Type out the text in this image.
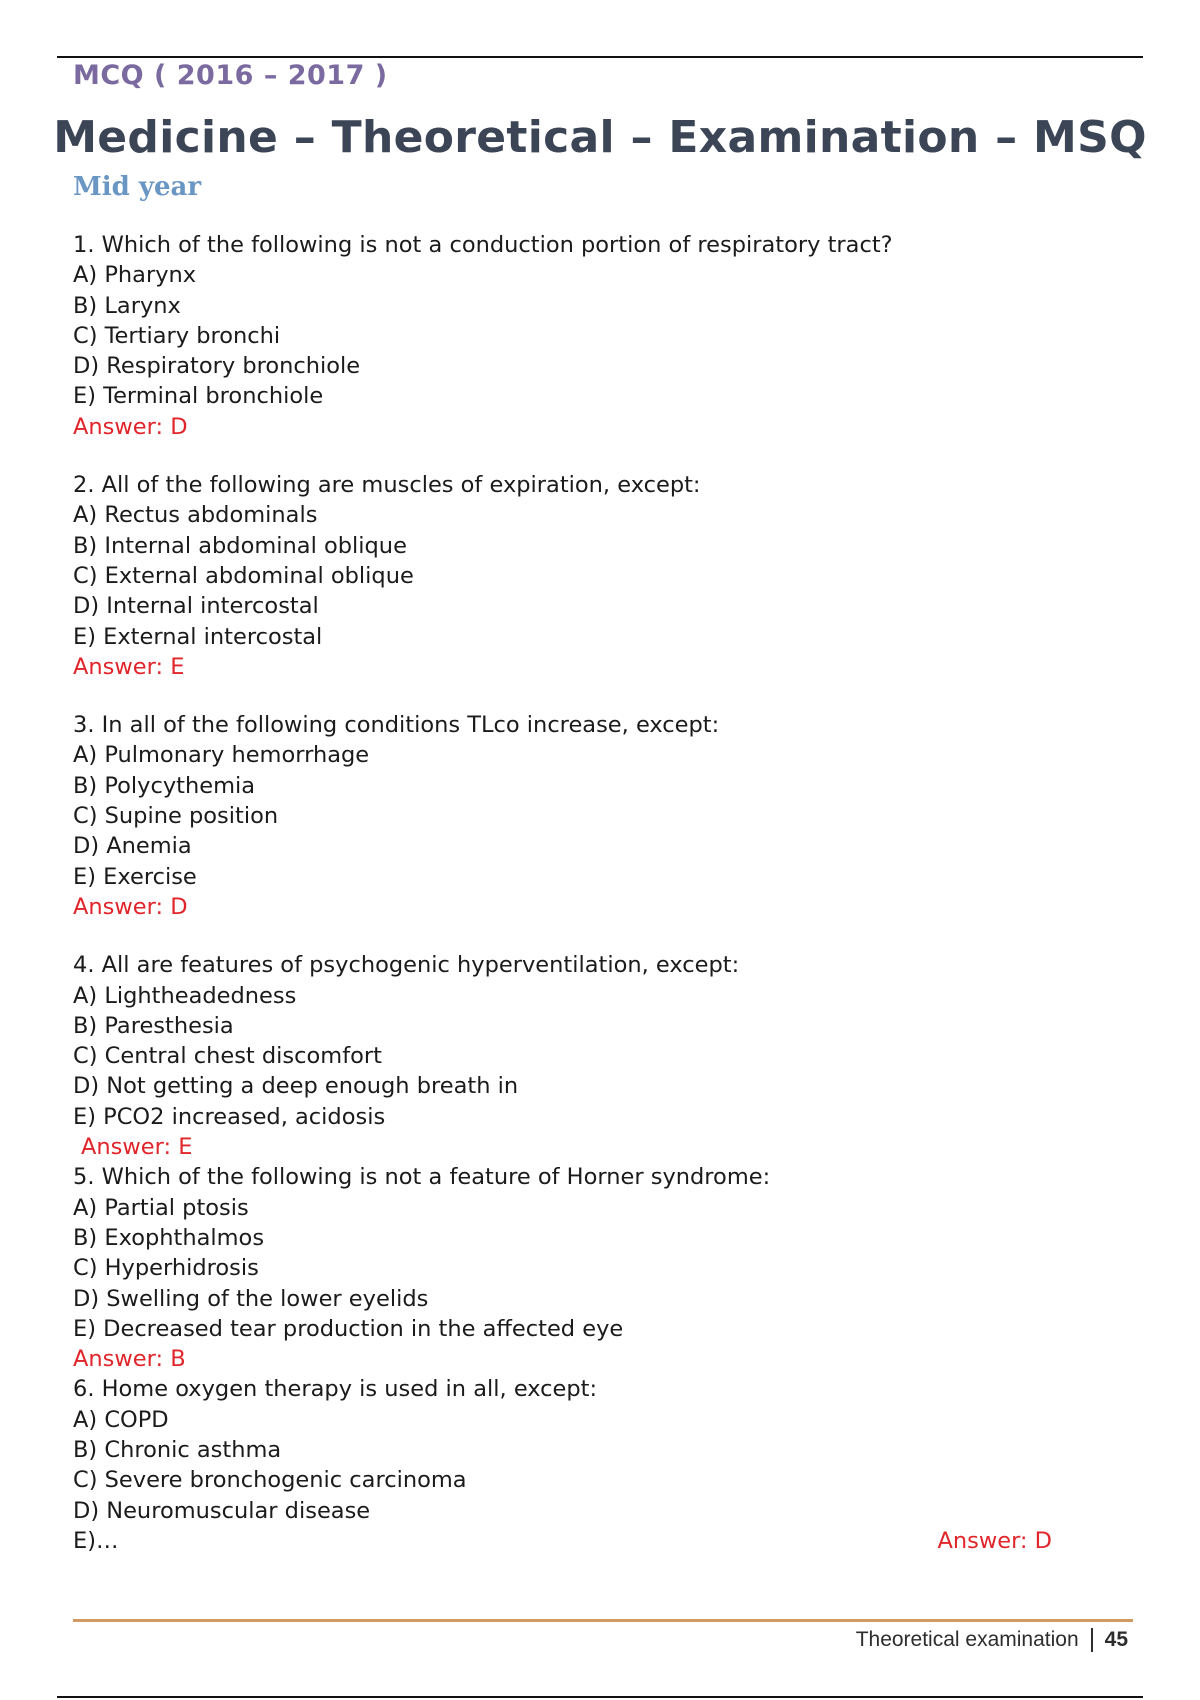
MCQ ( 2016 – 2017 )
Medicine – Theoretical – Examination – MSQ
Mid year
1. Which of the following is not a conduction portion of respiratory tract?
A) Pharynx
B) Larynx
C) Tertiary bronchi
D) Respiratory bronchiole
E) Terminal bronchiole
Answer: D
2. All of the following are muscles of expiration, except:
A) Rectus abdominals
B) Internal abdominal oblique
C) External abdominal oblique
D) Internal intercostal
E) External intercostal
Answer: E
3. In all of the following conditions TLco increase, except:
A) Pulmonary hemorrhage
B) Polycythemia
C) Supine position
D) Anemia
E) Exercise
Answer: D
4. All are features of psychogenic hyperventilation, except:
A) Lightheadedness
B) Paresthesia
C) Central chest discomfort
D) Not getting a deep enough breath in
E) PCO2 increased, acidosis
Answer: E
5. Which of the following is not a feature of Horner syndrome:
A) Partial ptosis
B) Exophthalmos
C) Hyperhidrosis
D) Swelling of the lower eyelids
E) Decreased tear production in the affected eye
Answer: B
6. Home oxygen therapy is used in all, except:
A) COPD
B) Chronic asthma
C) Severe bronchogenic carcinoma
D) Neuromuscular disease
E)…	Answer: D
Theoretical examination 45
